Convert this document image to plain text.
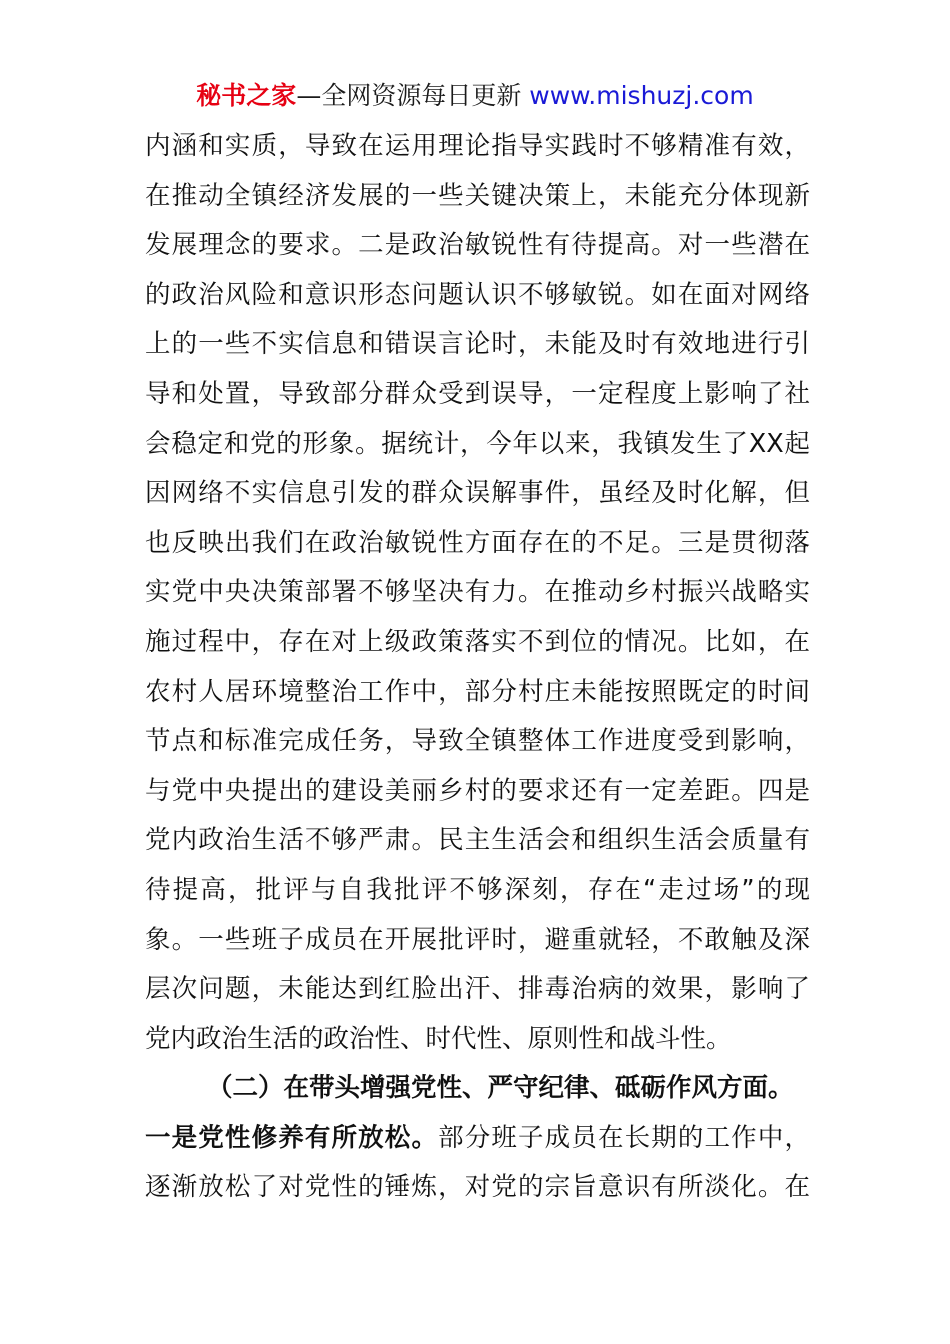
秘书之家—全网资源每日更新 www.mishuzj.com
内涵和实质，导致在运用理论指导实践时不够精准有效，
在推动全镇经济发展的一些关键决策上，未能充分体现新
发展理念的要求。二是政治敏锐性有待提高。对一些潜在
的政治风险和意识形态问题认识不够敏锐。如在面对网络
上的一些不实信息和错误言论时，未能及时有效地进行引
导和处置，导致部分群众受到误导，一定程度上影响了社
会稳定和党的形象。据统计，今年以来，我镇发生了XX起
因网络不实信息引发的群众误解事件，虽经及时化解，但
也反映出我们在政治敏锐性方面存在的不足。三是贯彻落
实党中央决策部署不够坚决有力。在推动乡村振兴战略实
施过程中，存在对上级政策落实不到位的情况。比如，在
农村人居环境整治工作中，部分村庄未能按照既定的时间
节点和标准完成任务，导致全镇整体工作进度受到影响，
与党中央提出的建设美丽乡村的要求还有一定差距。四是
党内政治生活不够严肃。民主生活会和组织生活会质量有
待提高，批评与自我批评不够深刻，存在“走过场”的现
象。一些班子成员在开展批评时，避重就轻，不敢触及深
层次问题，未能达到红脸出汗、排毒治病的效果，影响了
党内政治生活的政治性、时代性、原则性和战斗性。
（二）在带头增强党性、严守纪律、砥砺作风方面。
一是党性修养有所放松。部分班子成员在长期的工作中，
逐渐放松了对党性的锤炼，对党的宗旨意识有所淡化。在
